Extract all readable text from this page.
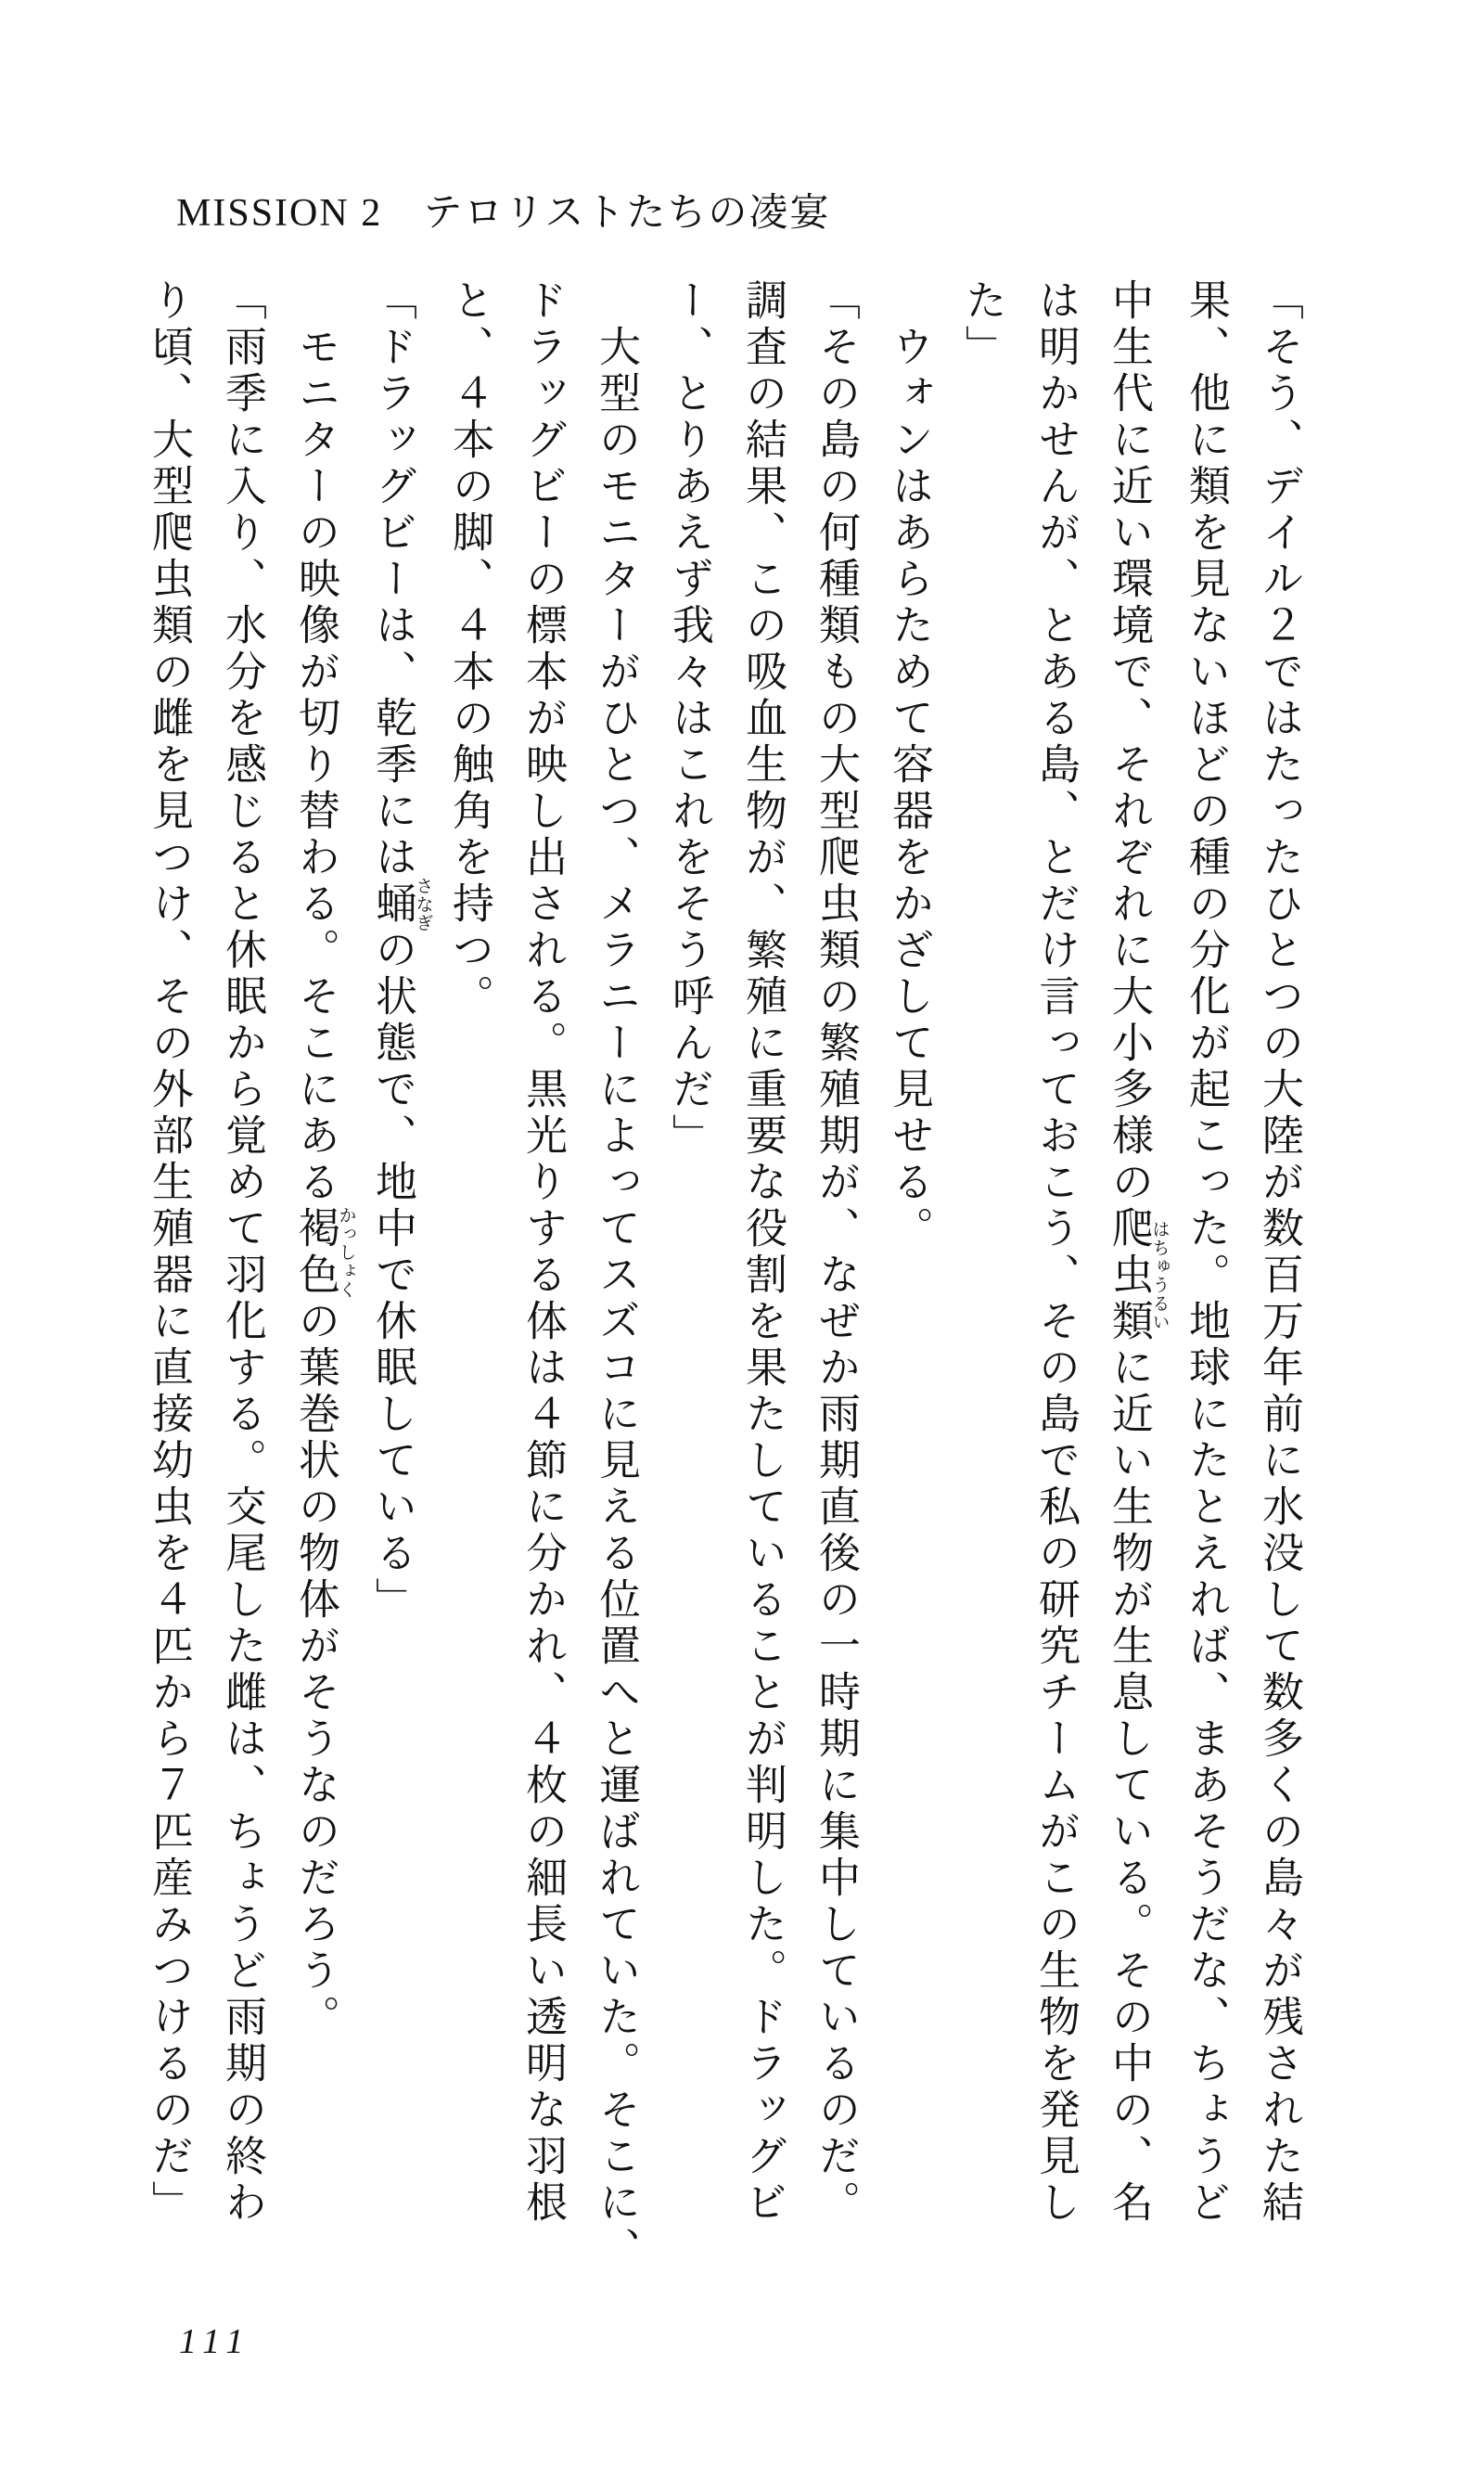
MISSION 2　テロリストたちの凌宴

「そう、デイル２ではたったひとつの大陸が数百万年前に水没して数多くの島々が残された結

果、他に類を見ないほどの種の分化が起こった。地球にたとえれば、まあそうだな、ちょうど

中生代に近い環境で、それぞれに大小多様の爬虫類はちゅうるいに近い生物が生息している。その中の、名

は明かせんが、とある島、とだけ言っておこう、その島で私の研究チームがこの生物を発見し

た」

　ウォンはあらためて容器をかざして見せる。

「その島の何種類もの大型爬虫類の繁殖期が、なぜか雨期直後の一時期に集中しているのだ。

調査の結果、この吸血生物が、繁殖に重要な役割を果たしていることが判明した。ドラッグビ

ー、とりあえず我々はこれをそう呼んだ」

　大型のモニターがひとつ、メラニーによってスズコに見える位置へと運ばれていた。そこに、

ドラッグビーの標本が映し出される。黒光りする体は４節に分かれ、４枚の細長い透明な羽根

と、４本の脚、４本の触角を持つ。

「ドラッグビーは、乾季には蛹さなぎの状態で、地中で休眠している」

　モニターの映像が切り替わる。そこにある褐色かっしょくの葉巻状の物体がそうなのだろう。

「雨季に入り、水分を感じると休眠から覚めて羽化する。交尾した雌は、ちょうど雨期の終わ

り頃、大型爬虫類の雌を見つけ、その外部生殖器に直接幼虫を４匹から７匹産みつけるのだ」

111
